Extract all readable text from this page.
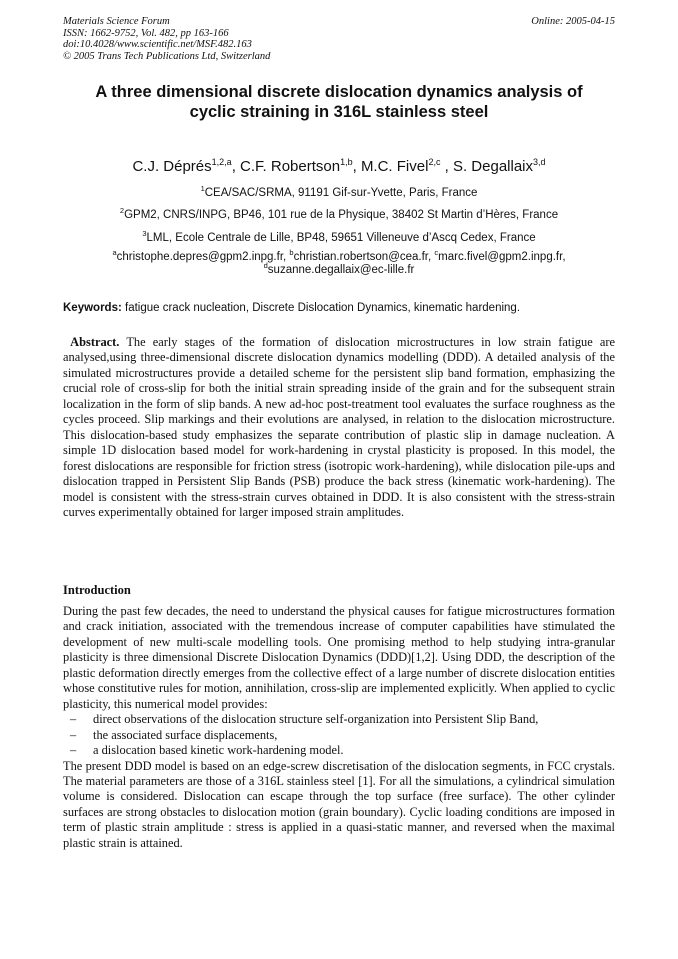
Materials Science Forum
ISSN: 1662-9752, Vol. 482, pp 163-166
doi:10.4028/www.scientific.net/MSF.482.163
© 2005 Trans Tech Publications Ltd, Switzerland
Online: 2005-04-15
A three dimensional discrete dislocation dynamics analysis of
cyclic straining in 316L stainless steel
C.J. Déprés$^{1,2,a}$, C.F. Robertson$^{1,b}$, M.C. Fivel$^{2,c}$ , S. Degallaix$^{3,d}$
$^1$CEA/SAC/SRMA, 91191 Gif-sur-Yvette, Paris, France
$^2$GPM2, CNRS/INPG, BP46, 101 rue de la Physique, 38402 St Martin d’Hères, France
$^3$LML, Ecole Centrale de Lille, BP48, 59651 Villeneuve d’Ascq Cedex, France
$^a$christophe.depres@gpm2.inpg.fr, $^b$christian.robertson@cea.fr, $^c$marc.fivel@gpm2.inpg.fr,
$^d$suzanne.degallaix@ec-lille.fr
Keywords: fatigue crack nucleation, Discrete Dislocation Dynamics, kinematic hardening.
Abstract. The early stages of the formation of dislocation microstructures in low strain fatigue are analysed,using three-dimensional discrete dislocation dynamics modelling (DDD). A detailed analysis of the simulated microstructures provide a detailed scheme for the persistent slip band formation, emphasizing the crucial role of cross-slip for both the initial strain spreading inside of the grain and for the subsequent strain localization in the form of slip bands. A new ad-hoc post-treatment tool evaluates the surface roughness as the cycles proceed. Slip markings and their evolutions are analysed, in relation to the dislocation microstructure. This dislocation-based study emphasizes the separate contribution of plastic slip in damage nucleation. A simple 1D dislocation based model for work-hardening in crystal plasticity is proposed. In this model, the forest dislocations are responsible for friction stress (isotropic work-hardening), while dislocation pile-ups and dislocation trapped in Persistent Slip Bands (PSB) produce the back stress (kinematic work-hardening). The model is consistent with the stress-strain curves obtained in DDD. It is also consistent with the stress-strain curves experimentally obtained for larger imposed strain amplitudes.
Introduction

During the past few decades, the need to understand the physical causes for fatigue microstructures formation and crack initiation, associated with the tremendous increase of computer capabilities have stimulated the development of new multi-scale modelling tools. One promising method to help studying intra-granular plasticity is three dimensional Discrete Dislocation Dynamics (DDD)[1,2]. Using DDD, the description of the plastic deformation directly emerges from the collective effect of a large number of discrete dislocation entities whose constitutive rules for motion, annihilation, cross-slip are implemented explicitly. When applied to cyclic plasticity, this numerical model provides:

– direct observations of the dislocation structure self-organization into Persistent Slip Band,
– the associated surface displacements,
– a dislocation based kinetic work-hardening model.

The present DDD model is based on an edge-screw discretisation of the dislocation segments, in FCC crystals. The material parameters are those of a 316L stainless steel [1]. For all the simulations, a cylindrical simulation volume is considered. Dislocation can escape through the top surface (free surface). The other cylinder surfaces are strong obstacles to dislocation motion (grain boundary). Cyclic loading conditions are imposed in term of plastic strain amplitude : stress is applied in a quasi-static manner, and reversed when the maximal plastic strain is attained.
